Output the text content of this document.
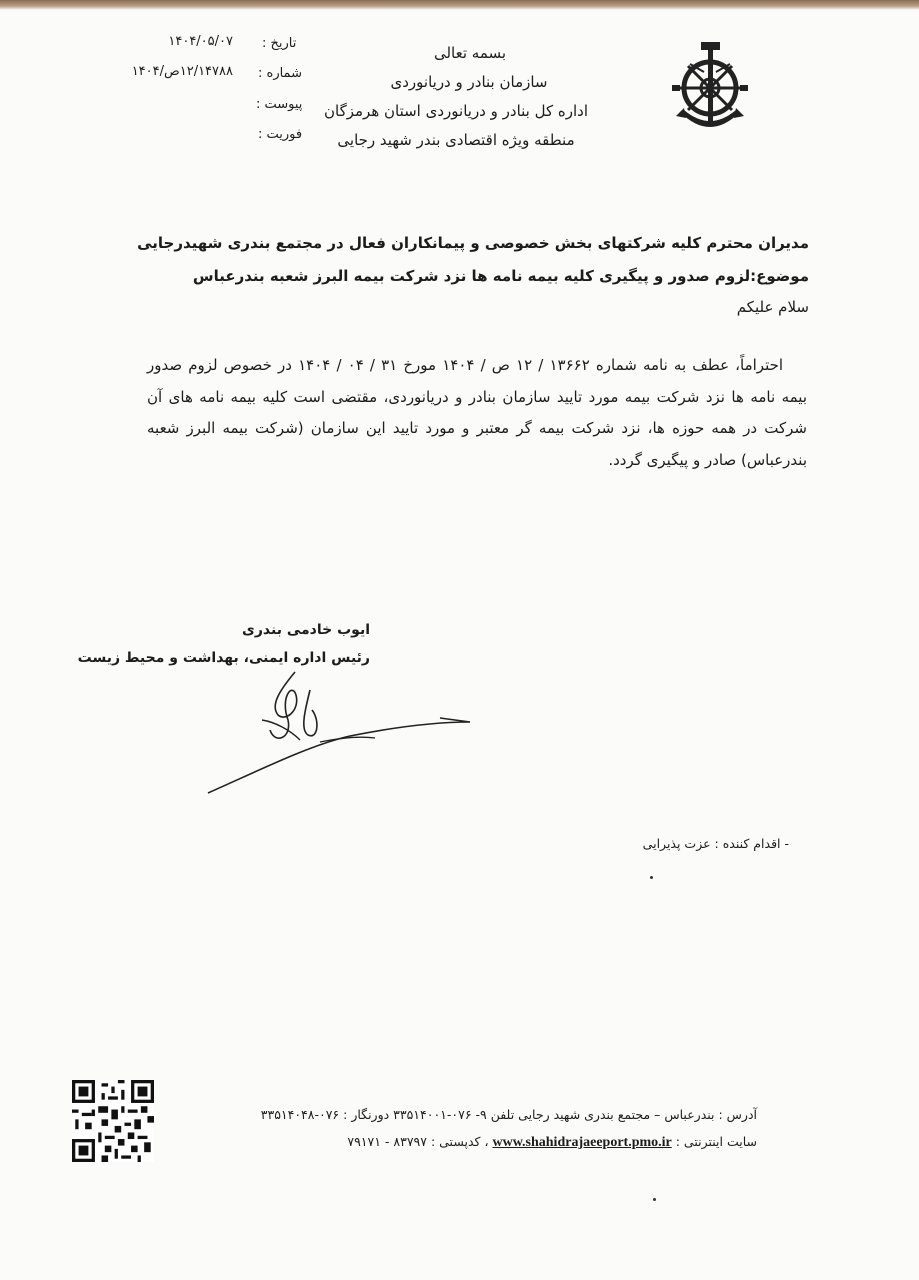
بسمه تعالی
سازمان بنادر و دریانوردی
اداره کل بنادر و دریانوردی استان هرمزگان
منطقه ویژه اقتصادی بندر شهید رجایی
تاریخ :
شماره :
پیوست :
فوریت :
۱۴۰۴/۰۵/۰۷
۱۲/۱۴۷۸۸ص/۱۴۰۴
مدیران محترم کلیه شرکتهای بخش خصوصی و پیمانکاران فعال در مجتمع بندری شهیدرجایی
موضوع:لزوم صدور و پیگیری کلیه بیمه نامه ها نزد شرکت بیمه البرز شعبه بندرعباس
سلام علیکم
احتراماً، عطف به نامه شماره ۱۳۶۶۲ / ۱۲ ص / ۱۴۰۴ مورخ ۳۱ / ۰۴ / ۱۴۰۴ در خصوص لزوم صدور بیمه نامه ها نزد شرکت بیمه مورد تایید سازمان بنادر و دریانوردی، مقتضی است کلیه بیمه نامه های آن شرکت در همه حوزه ها، نزد شرکت بیمه گر معتبر و مورد تایید این سازمان (شرکت بیمه البرز شعبه بندرعباس) صادر و پیگیری گردد.
ایوب خادمی بندری
رئیس اداره ایمنی، بهداشت و محیط زیست
- اقدام کننده : عزت پذیرایی
آدرس : بندرعباس – مجتمع بندری شهید رجایی تلفن ۹- ۰۷۶-۳۳۵۱۴۰۰۱ دورنگار : ۰۷۶-۳۳۵۱۴۰۴۸
سایت اینترنتی : www.shahidrajaeeport.pmo.ir ، کدپستی : ۸۳۷۹۷ - ۷۹۱۷۱
